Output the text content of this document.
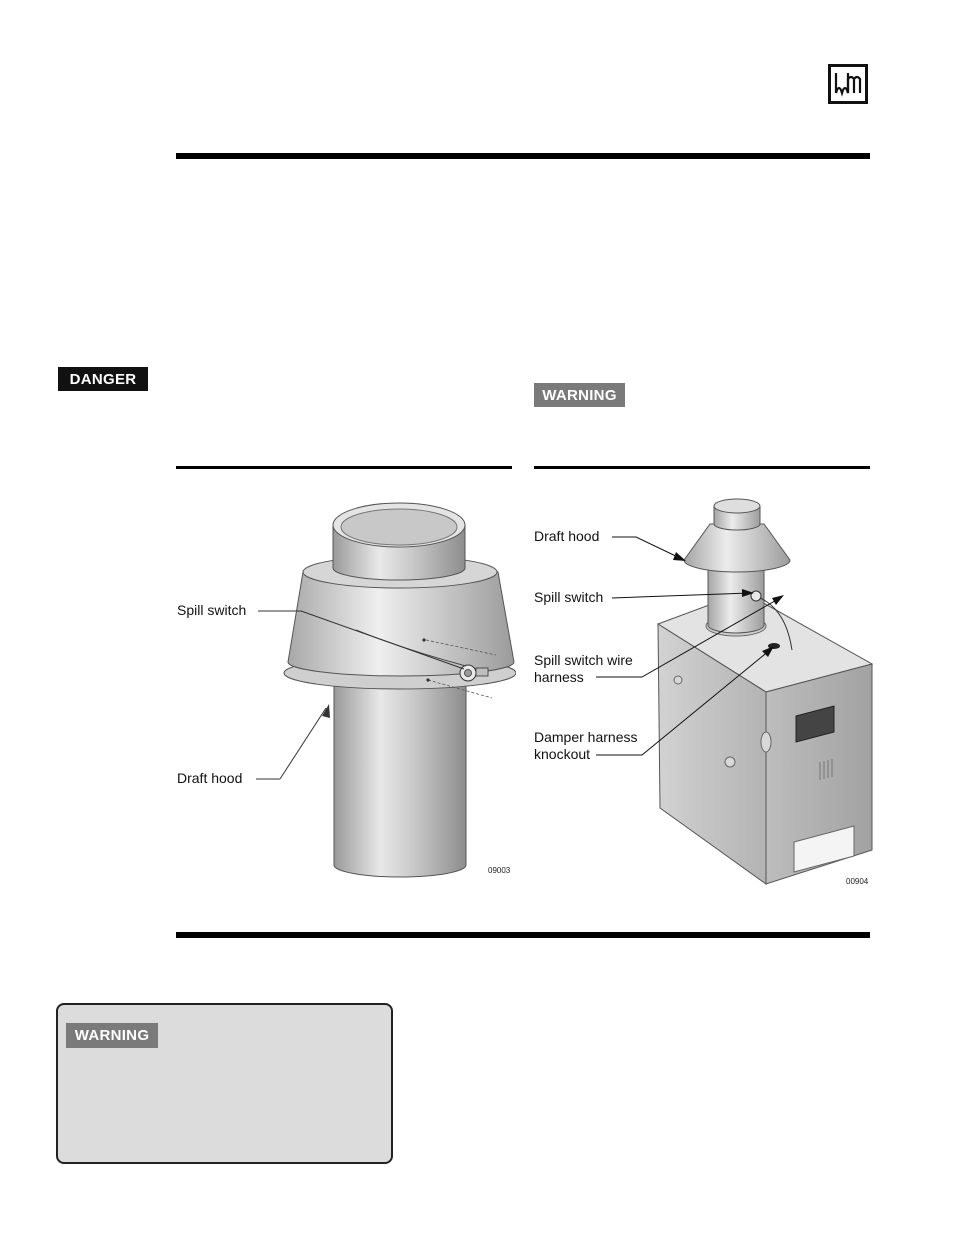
DANGER
WARNING
Spill switch
Draft hood
09003
Draft hood
Spill switch
Spill switch wire
harness
Damper harness
knockout
00904
WARNING
